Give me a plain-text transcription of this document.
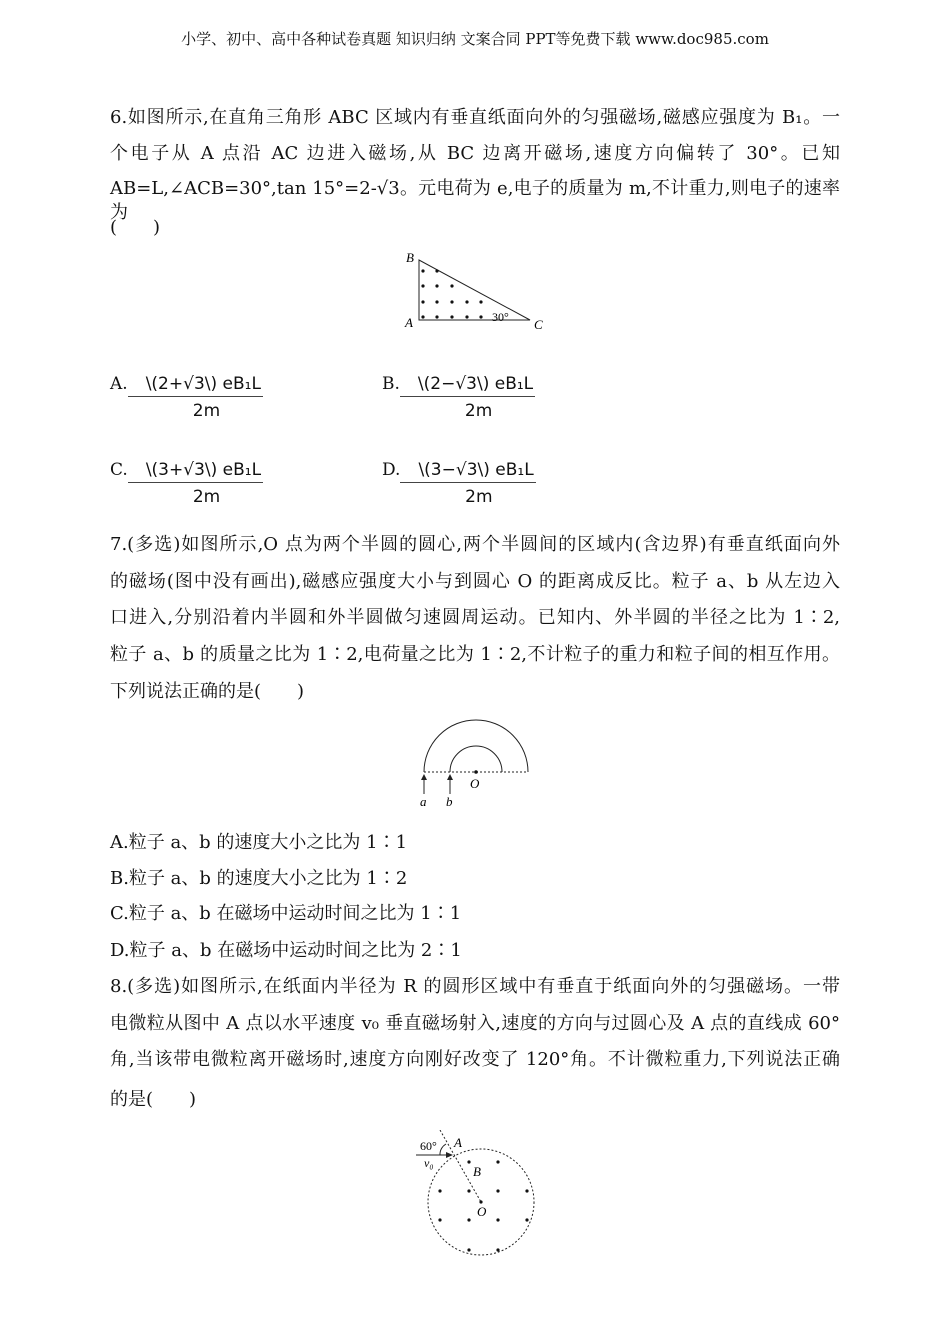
小学、初中、高中各种试卷真题 知识归纳 文案合同 PPT等免费下载 www.doc985.com
6.如图所示,在直角三角形 ABC 区域内有垂直纸面向外的匀强磁场,磁感应强度为 B₁。一
个电子从 A 点沿 AC 边进入磁场,从 BC 边离开磁场,速度方向偏转了 30°。已知
AB=L,∠ACB=30°,tan 15°=2-√3。元电荷为 e,电子的质量为 m,不计重力,则电子的速率为
(　　)
B
A	C
30°
A. \(2+√3\) eB₁L
2m
B. \(2−√3\) eB₁L
2m
C. \(3+√3\) eB₁L
2m
D. \(3−√3\) eB₁L
2m
7.(多选)如图所示,O 点为两个半圆的圆心,两个半圆间的区域内(含边界)有垂直纸面向外
的磁场(图中没有画出),磁感应强度大小与到圆心 O 的距离成反比。粒子 a、b 从左边入
口进入,分别沿着内半圆和外半圆做匀速圆周运动。已知内、外半圆的半径之比为 1∶2,
粒子 a、b 的质量之比为 1∶2,电荷量之比为 1∶2,不计粒子的重力和粒子间的相互作用。
下列说法正确的是(　　)
a b
O
A.粒子 a、b 的速度大小之比为 1∶1
B.粒子 a、b 的速度大小之比为 1∶2
C.粒子 a、b 在磁场中运动时间之比为 1∶1
D.粒子 a、b 在磁场中运动时间之比为 2∶1
8.(多选)如图所示,在纸面内半径为 R 的圆形区域中有垂直于纸面向外的匀强磁场。一带
电微粒从图中 A 点以水平速度 v₀ 垂直磁场射入,速度的方向与过圆心及 A 点的直线成 60°
角,当该带电微粒离开磁场时,速度方向刚好改变了 120°角。不计微粒重力,下列说法正确
的是(　　)
60° A
v₀
B
O
